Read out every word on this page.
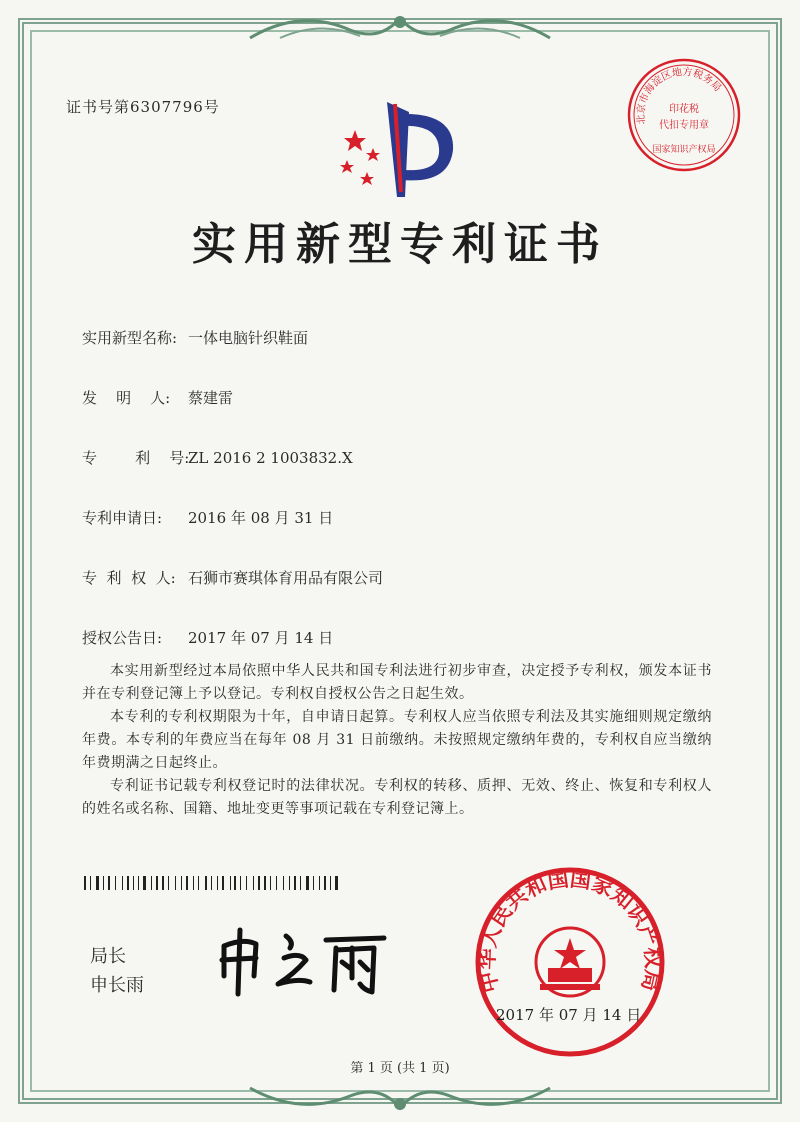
证书号第6307796号
北京市海淀区地方税务局
印花税
代扣专用章
国家知识产权局
实用新型专利证书
实用新型名称: 一体电脑针织鞋面
发    明    人: 蔡建雷
专        利    号:ZL 2016 2 1003832.X
专利申请日: 2016 年 08 月 31 日
专  利  权  人: 石狮市赛琪体育用品有限公司
授权公告日: 2017 年 07 月 14 日

本实用新型经过本局依照中华人民共和国专利法进行初步审查，决定授予专利权，颁发本证书并在专利登记簿上予以登记。专利权自授权公告之日起生效。

本专利的专利权期限为十年，自申请日起算。专利权人应当依照专利法及其实施细则规定缴纳年费。本专利的年费应当在每年 08 月 31 日前缴纳。未按照规定缴纳年费的，专利权自应当缴纳年费期满之日起终止。

专利证书记载专利权登记时的法律状况。专利权的转移、质押、无效、终止、恢复和专利权人的姓名或名称、国籍、地址变更等事项记载在专利登记簿上。

局长
申长雨	中华人民共和国国家知识产权局
2017 年 07 月 14 日
第 1 页 (共 1 页)
